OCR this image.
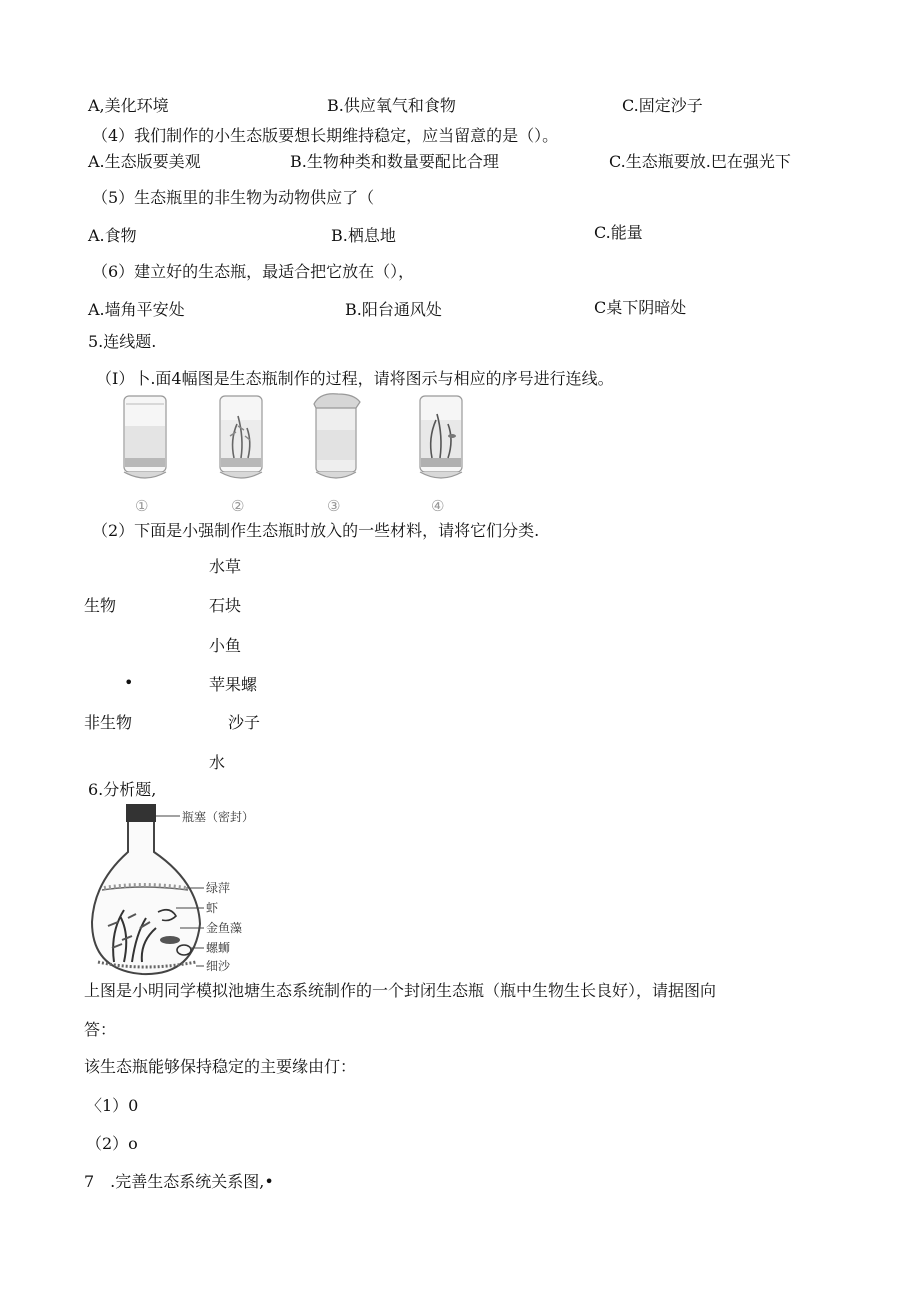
A,美化环境	B.供应氧气和食物	C.固定沙子
（4）我们制作的小生态版要想长期维持稳定，应当留意的是（）。
A.生态版要美观	B.生物种类和数量要配比合理	C.生态瓶要放.巴在强光下
（5）生态瓶里的非生物为动物供应了（
A.食物	B.栖息地	C.能量
（6）建立好的生态瓶，最适合把它放在（），
A.墙角平安处	B.阳台通风处	C桌下阴暗处
5.连线题.
（I）卜.面4幅图是生态瓶制作的过程，请将图示与相应的序号进行连线。
①	②	③	④
（2）下面是小强制作生态瓶时放入的一些材料，请将它们分类.
水草
生物	石块
小鱼
•	苹果螺
非生物	沙子
水
6.分析题,
瓶塞（密封）
绿萍
虾
金鱼藻
螺蛳
细沙
上图是小明同学模拟池塘生态系统制作的一个封闭生态瓶（瓶中生物生长良好），请据图向
答：
该生态瓶能够保持稳定的主要缘由仃：
〈1）0
（2）o
7　.完善生态系统关系图,•
